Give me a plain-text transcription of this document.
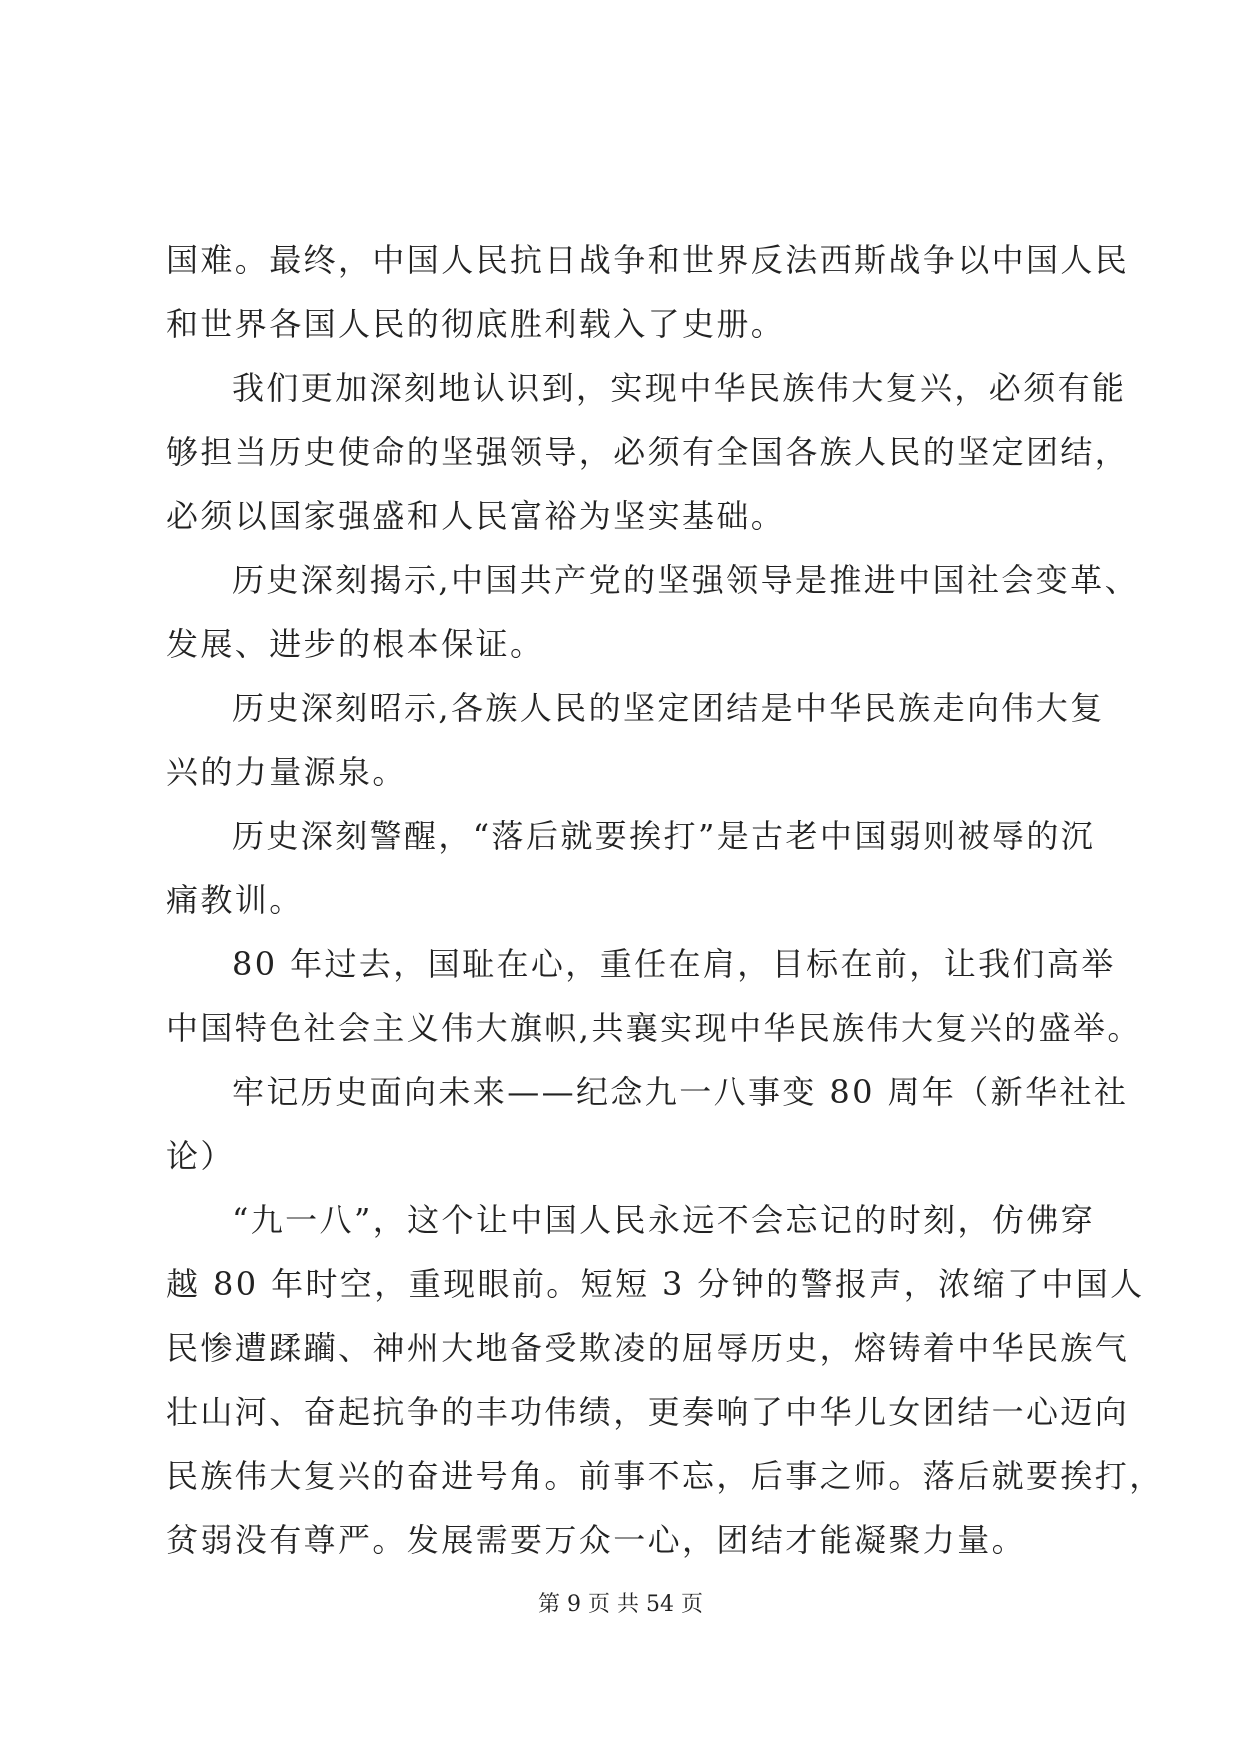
国难。最终，中国人民抗日战争和世界反法西斯战争以中国人民
和世界各国人民的彻底胜利载入了史册。
我们更加深刻地认识到，实现中华民族伟大复兴，必须有能
够担当历史使命的坚强领导，必须有全国各族人民的坚定团结，
必须以国家强盛和人民富裕为坚实基础。
历史深刻揭示,中国共产党的坚强领导是推进中国社会变革、
发展、进步的根本保证。
历史深刻昭示,各族人民的坚定团结是中华民族走向伟大复
兴的力量源泉。
历史深刻警醒，“落后就要挨打”是古老中国弱则被辱的沉
痛教训。
80 年过去，国耻在心，重任在肩，目标在前，让我们高举
中国特色社会主义伟大旗帜,共襄实现中华民族伟大复兴的盛举。
牢记历史面向未来——纪念九一八事变 80 周年（新华社社
论）
“九一八”，这个让中国人民永远不会忘记的时刻，仿佛穿
越 80 年时空，重现眼前。短短 3 分钟的警报声，浓缩了中国人
民惨遭蹂躏、神州大地备受欺凌的屈辱历史，熔铸着中华民族气
壮山河、奋起抗争的丰功伟绩，更奏响了中华儿女团结一心迈向
民族伟大复兴的奋进号角。前事不忘，后事之师。落后就要挨打，
贫弱没有尊严。发展需要万众一心，团结才能凝聚力量。
第 9 页 共 54 页
